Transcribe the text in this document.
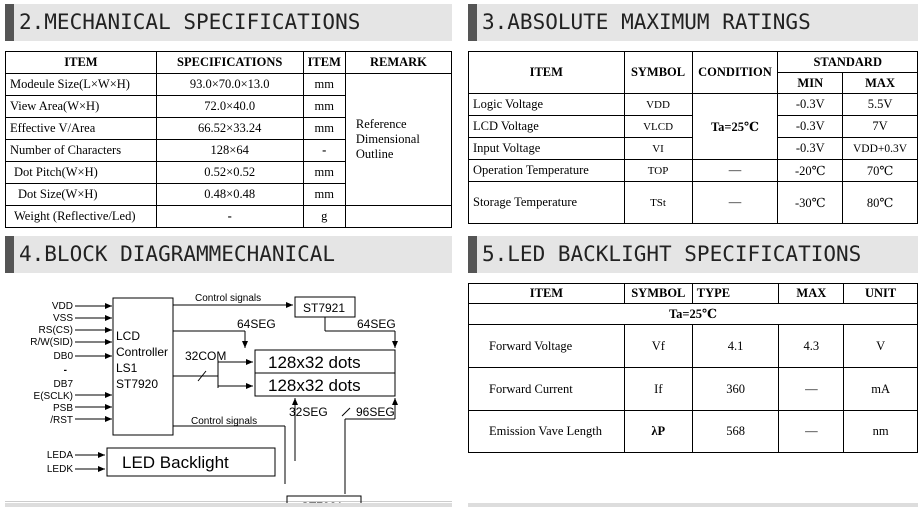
2.MECHANICAL SPECIFICATIONS
ITEM	SPECIFICATIONS	ITEM	REMARK
Modeule Size(L×W×H)	93.0×70.0×13.0	mm	Reference
Dimensional
Outline

View Area(W×H)	72.0×40.0	mm	
Effective V/Area	66.52×33.24	mm	
Number of Characters	128×64	-	
Dot Pitch(W×H)	0.52×0.52	mm	
Dot Size(W×H)	0.48×0.48	mm	
Weight (Reflective/Led)	-	g	
3.ABSOLUTE MAXIMUM RATINGS
ITEM	SYMBOL	CONDITION	STANDARD	
			MIN	MAX
Logic Voltage	VDD	Ta=25℃	-0.3V	5.5V
LCD Voltage	VLCD		-0.3V	7V
Input Voltage	VI		-0.3V	VDD+0.3V
Operation Temperature	TOP	—	-20℃	70℃
Storage Temperature	TSt	—	-30℃	80℃
4.BLOCK DIAGRAMMECHANICAL
VDD
VSS
RS(CS)
R/W(SID)
DB0
-
DB7
E(SCLK)
PSB
/RST
LEDA
LEDK
LCD
Controller
LS1
ST7920
ST7921
64SEG	64SEG
32COM
32SEG 96SEG
Control signals
Control signals
128x32 dots
128x32 dots
LED Backlight
5.LED BACKLIGHT SPECIFICATIONS
ITEM	SYMBOL	TYPE	MAX	UNIT
Ta=25℃				
Forward Voltage	Vf	4.1	4.3	V
Forward Current	If	360	—	mA
Emission Vave Length	λP	568	—	nm
